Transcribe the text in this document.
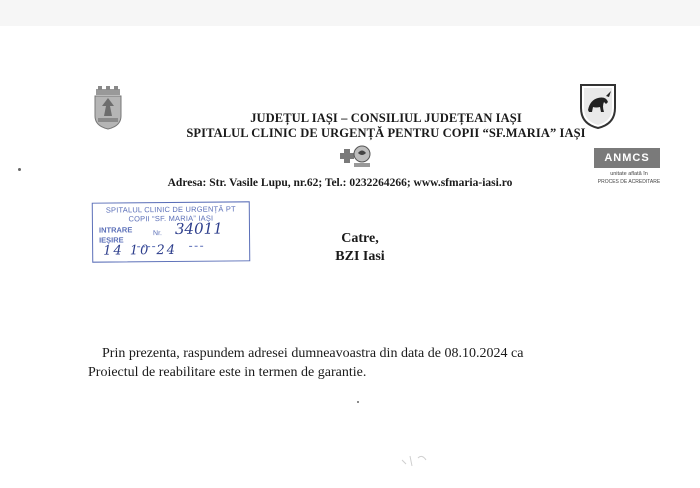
JUDEȚUL IAȘI – CONSILIUL JUDEȚEAN IAȘI
SPITALUL CLINIC DE URGENȚĂ PENTRU COPII “SF.MARIA” IAȘI
ANMCS
unitate aflată în
PROCES DE ACREDITARE
Adresa: Str. Vasile Lupu, nr.62; Tel.: 0232264266; www.sfmaria-iasi.ro
SPITALUL CLINIC DE URGENȚĂ PT
COPII “SF. MARIA” IAȘI
INTRARE
IEȘIRE
Nr. 34011
14 10 24
Catre,
BZI Iasi

Prin prezenta, raspundem adresei dumneavoastra din data de 08.10.2024 ca

Proiectul de reabilitare este in termen de garantie.
